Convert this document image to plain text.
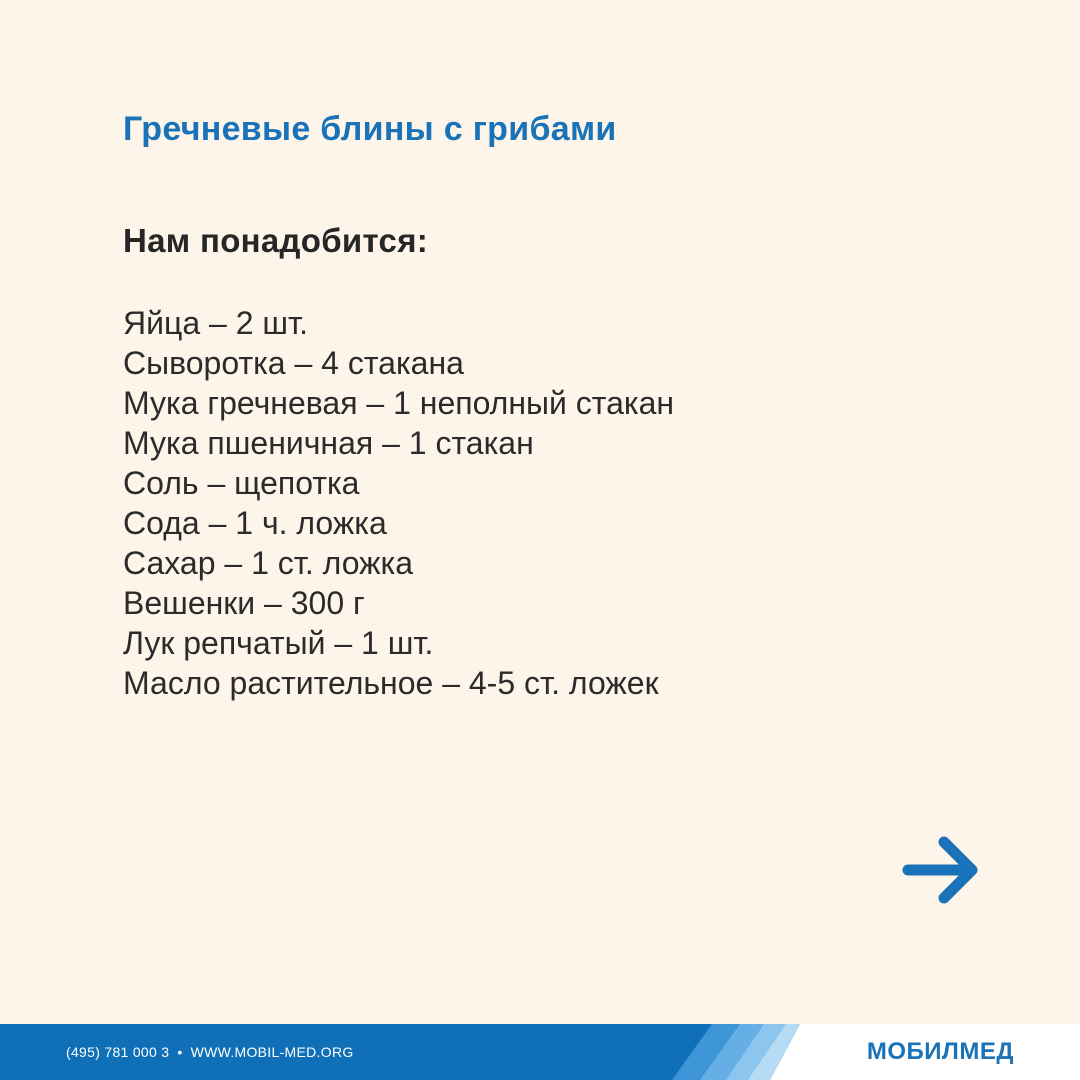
Гречневые блины с грибами
Нам понадобится:
Яйца – 2 шт.
Сыворотка – 4 стакана
Мука гречневая – 1 неполный стакан
Мука пшеничная – 1 стакан
Соль – щепотка
Сода – 1 ч. ложка
Сахар – 1 ст. ложка
Вешенки – 300 г
Лук репчатый – 1 шт.
Масло растительное – 4-5 ст. ложек
(495) 781 000 3 • WWW.MOBIL-MED.ORG	МОБИЛМЕД
